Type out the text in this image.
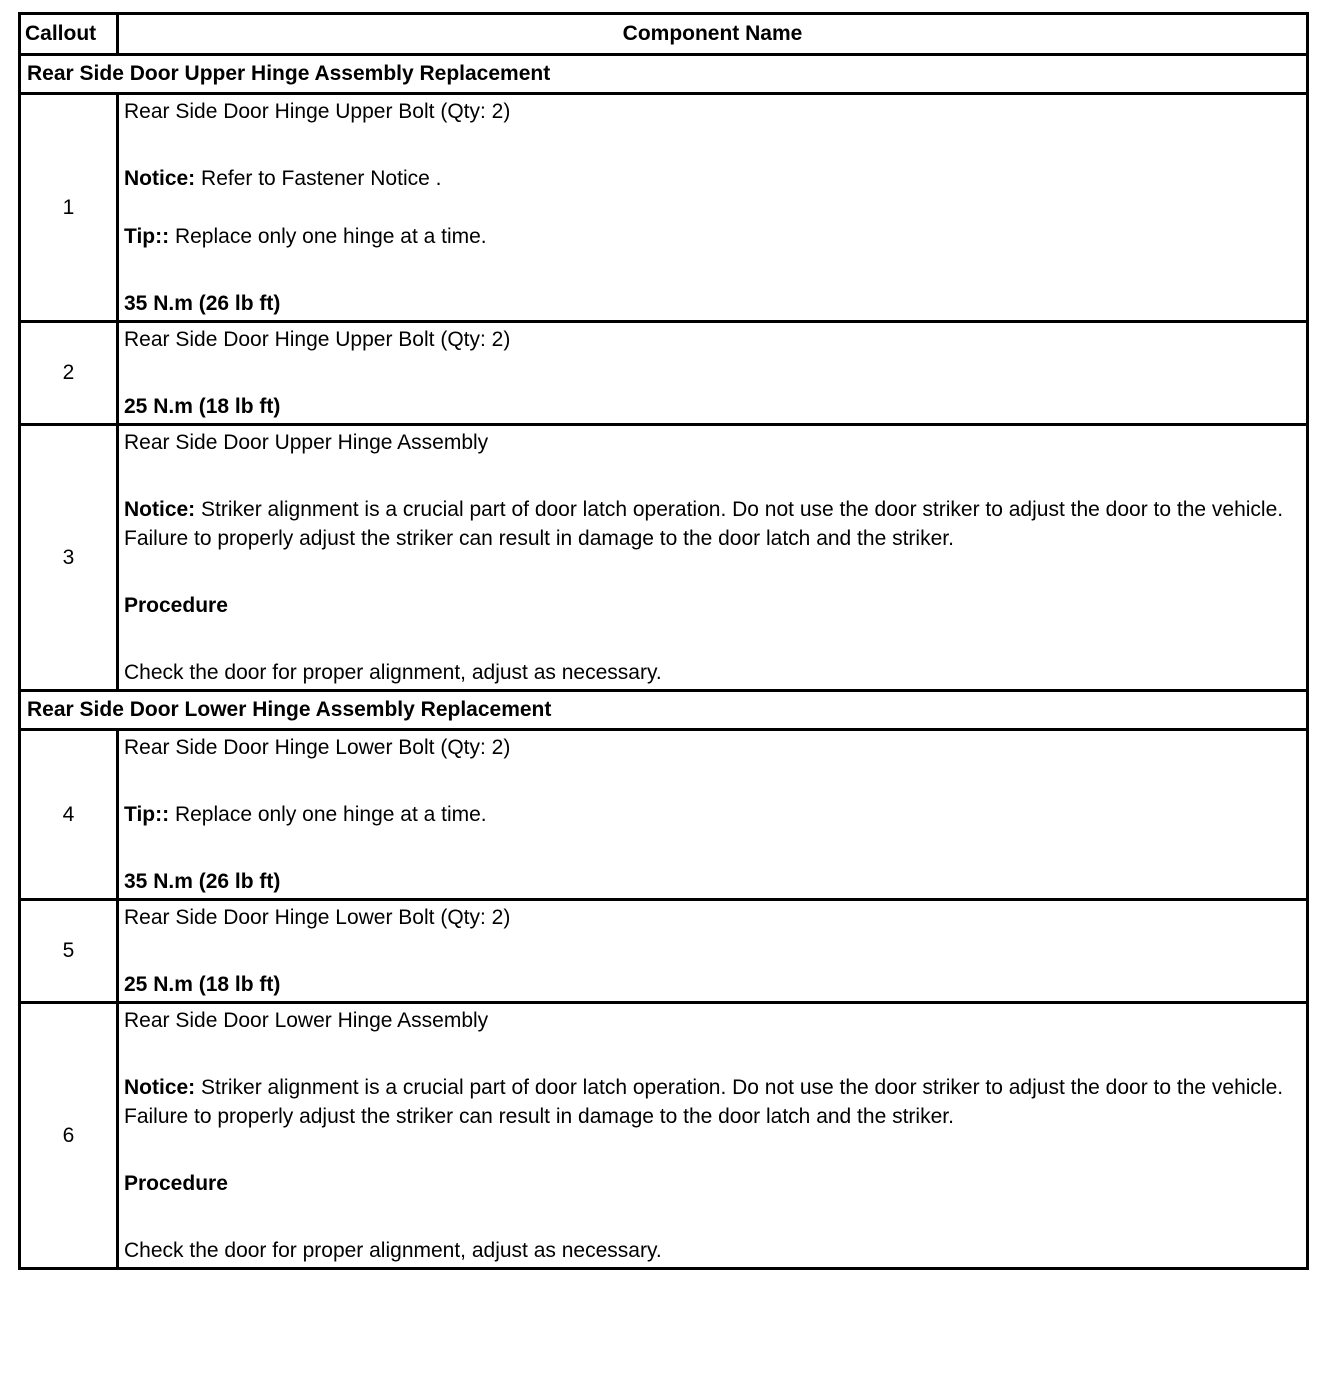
Callout	Component Name
Rear Side Door Upper Hinge Assembly Replacement	
1	Rear Side Door Hinge Upper Bolt (Qty: 2)
Notice: Refer to Fastener Notice .
Tip:: Replace only one hinge at a time.
35 N.m (26 lb ft)

2	Rear Side Door Hinge Upper Bolt (Qty: 2)
25 N.m (18 lb ft)

3	Rear Side Door Upper Hinge Assembly
Notice: Striker alignment is a crucial part of door latch operation. Do not use the door striker to adjust the door to the vehicle. Failure to properly adjust the striker can result in damage to the door latch and the striker.
Procedure
Check the door for proper alignment, adjust as necessary.

Rear Side Door Lower Hinge Assembly Replacement	
4	Rear Side Door Hinge Lower Bolt (Qty: 2)
Tip:: Replace only one hinge at a time.
35 N.m (26 lb ft)

5	Rear Side Door Hinge Lower Bolt (Qty: 2)
25 N.m (18 lb ft)

6	Rear Side Door Lower Hinge Assembly
Notice: Striker alignment is a crucial part of door latch operation. Do not use the door striker to adjust the door to the vehicle. Failure to properly adjust the striker can result in damage to the door latch and the striker.
Procedure
Check the door for proper alignment, adjust as necessary.
